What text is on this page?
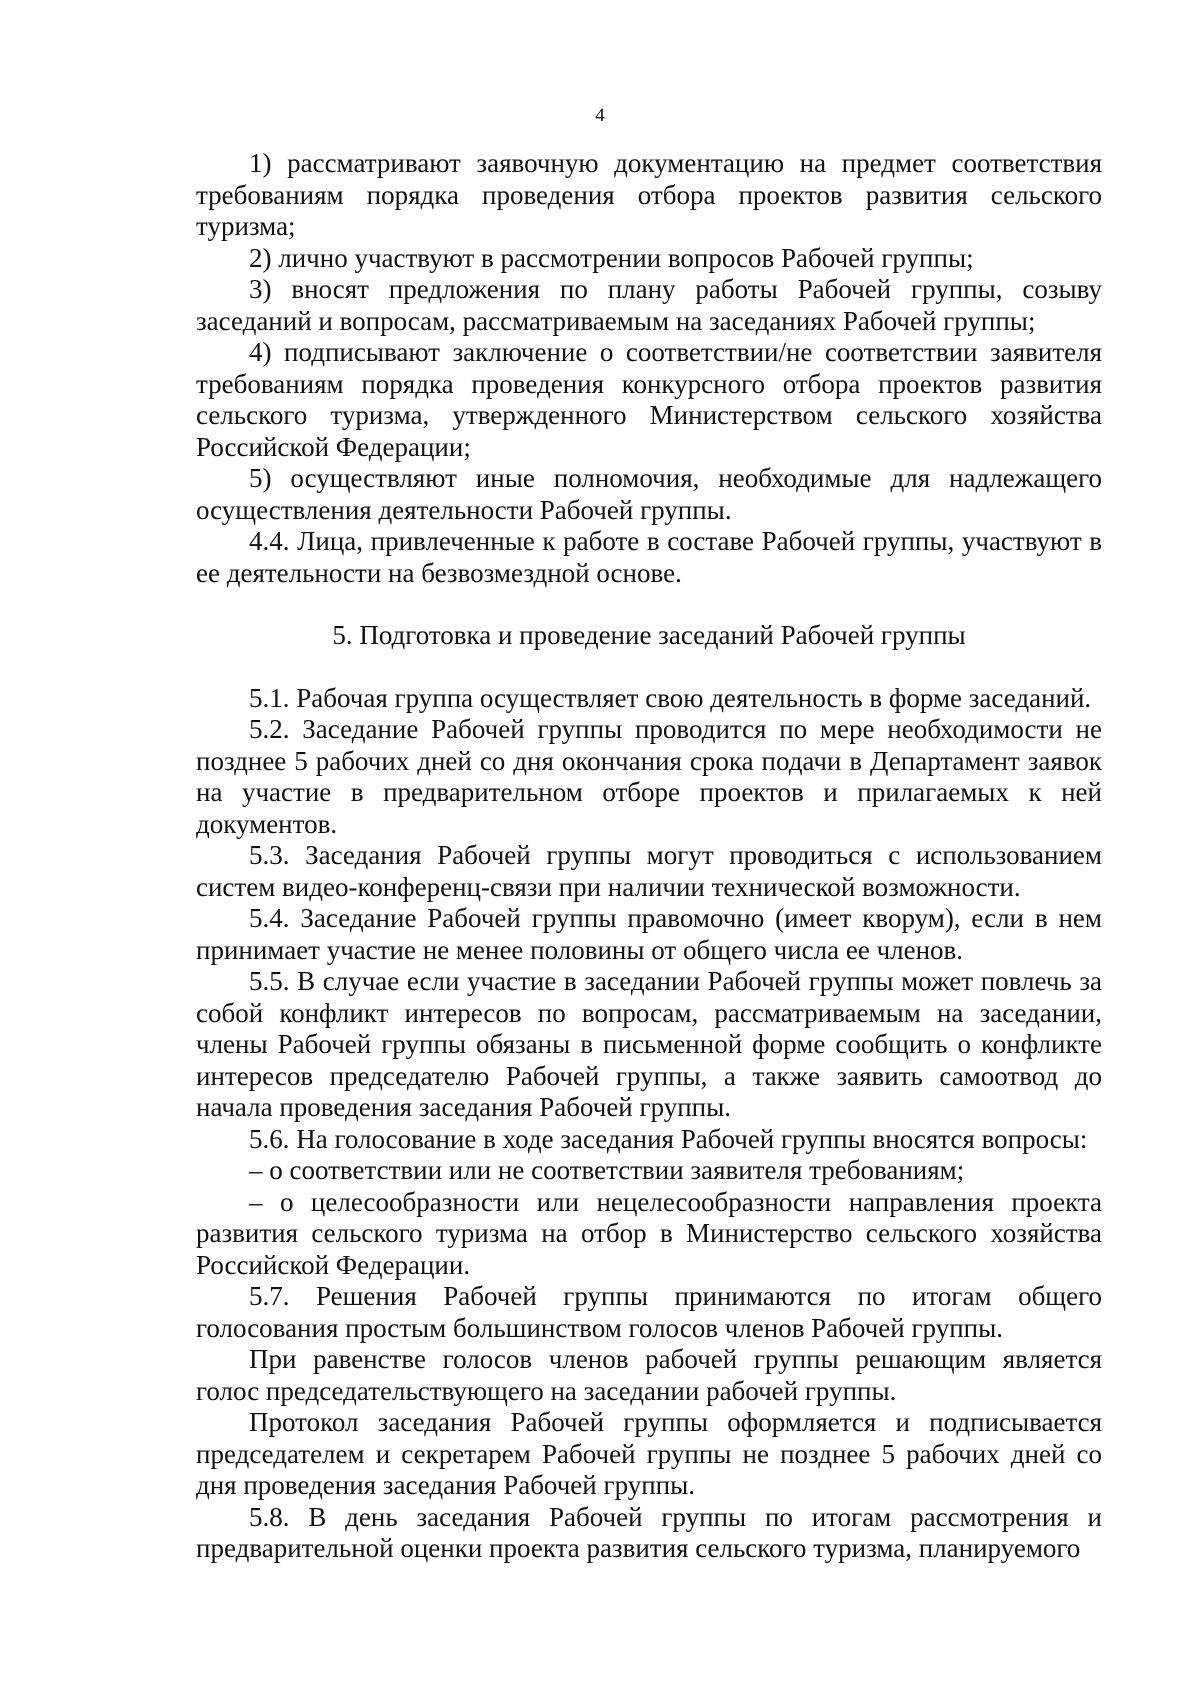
4

1) рассматривают заявочную документацию на предмет соответствия требованиям порядка проведения отбора проектов развития сельского туризма;

2) лично участвуют в рассмотрении вопросов Рабочей группы;

3) вносят предложения по плану работы Рабочей группы, созыву заседаний и вопросам, рассматриваемым на заседаниях Рабочей группы;

4) подписывают заключение о соответствии/не соответствии заявителя требованиям порядка проведения конкурсного отбора проектов развития сельского туризма, утвержденного Министерством сельского хозяйства Российской Федерации;

5) осуществляют иные полномочия, необходимые для надлежащего осуществления деятельности Рабочей группы.

4.4. Лица, привлеченные к работе в составе Рабочей группы, участвуют в ее деятельности на безвозмездной основе.

5. Подготовка и проведение заседаний Рабочей группы

5.1. Рабочая группа осуществляет свою деятельность в форме заседаний.

5.2. Заседание Рабочей группы проводится по мере необходимости не позднее 5 рабочих дней со дня окончания срока подачи в Департамент заявок на участие в предварительном отборе проектов и прилагаемых к ней документов.

5.3. Заседания Рабочей группы могут проводиться с использованием систем видео-конференц-связи при наличии технической возможности.

5.4. Заседание Рабочей группы правомочно (имеет кворум), если в нем принимает участие не менее половины от общего числа ее членов.

5.5. В случае если участие в заседании Рабочей группы может повлечь за собой конфликт интересов по вопросам, рассматриваемым на заседании, члены Рабочей группы обязаны в письменной форме сообщить о конфликте интересов председателю Рабочей группы, а также заявить самоотвод до начала проведения заседания Рабочей группы.

5.6. На голосование в ходе заседания Рабочей группы вносятся вопросы:

– о соответствии или не соответствии заявителя требованиям;

– о целесообразности или нецелесообразности направления проекта развития сельского туризма на отбор в Министерство сельского хозяйства Российской Федерации.

5.7. Решения Рабочей группы принимаются по итогам общего голосования простым большинством голосов членов Рабочей группы.

При равенстве голосов членов рабочей группы решающим является голос председательствующего на заседании рабочей группы.

Протокол заседания Рабочей группы оформляется и подписывается председателем и секретарем Рабочей группы не позднее 5 рабочих дней со дня проведения заседания Рабочей группы.

5.8. В день заседания Рабочей группы по итогам рассмотрения и предварительной оценки проекта развития сельского туризма, планируемого
